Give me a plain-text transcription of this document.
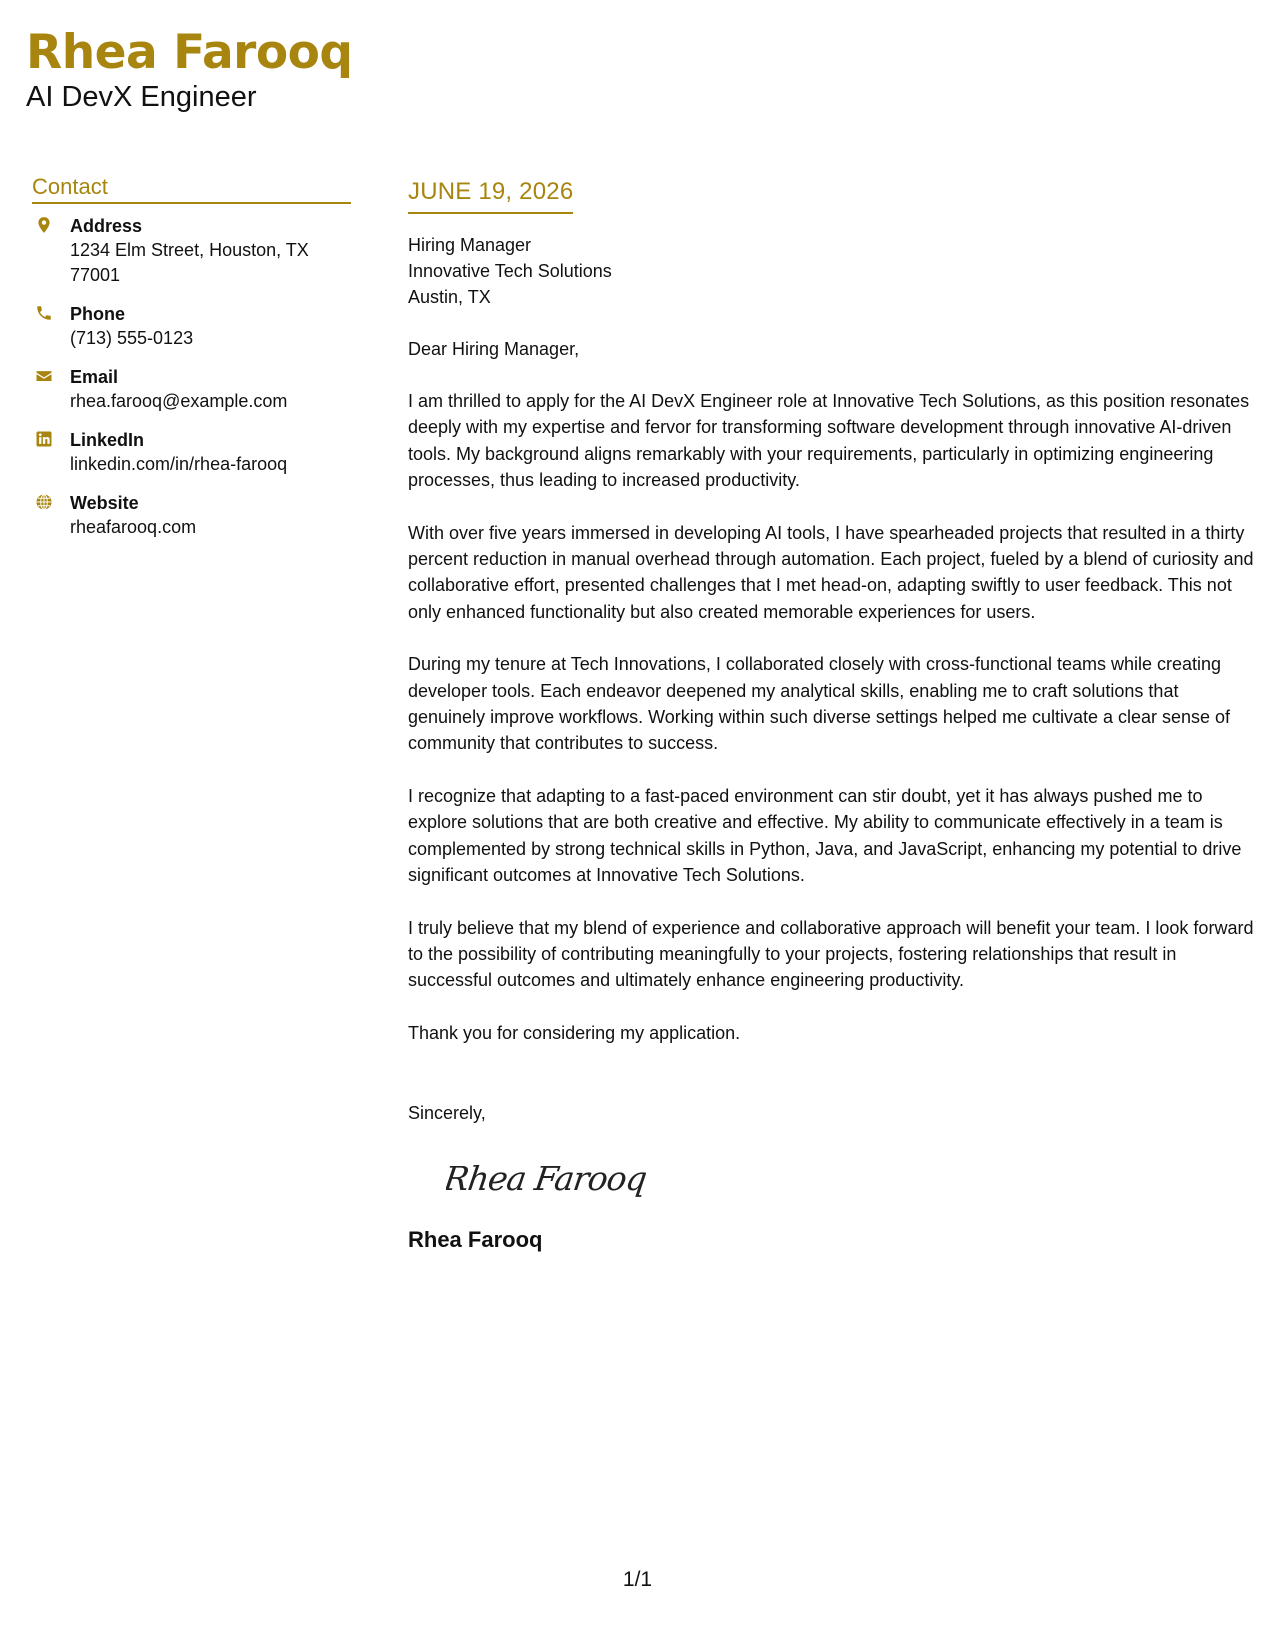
Rhea Farooq
AI DevX Engineer
Contact
Address
1234 Elm Street, Houston, TX 77001
Phone
(713) 555-0123
Email
rhea.farooq@example.com
LinkedIn
linkedin.com/in/rhea-farooq
Website
rheafarooq.com
JUNE 19, 2026
Hiring Manager
Innovative Tech Solutions
Austin, TX
Dear Hiring Manager,
I am thrilled to apply for the AI DevX Engineer role at Innovative Tech Solutions, as this position resonates deeply with my expertise and fervor for transforming software development through innovative AI-driven tools. My background aligns remarkably with your requirements, particularly in optimizing engineering processes, thus leading to increased productivity.
With over five years immersed in developing AI tools, I have spearheaded projects that resulted in a thirty percent reduction in manual overhead through automation. Each project, fueled by a blend of curiosity and collaborative effort, presented challenges that I met head-on, adapting swiftly to user feedback. This not only enhanced functionality but also created memorable experiences for users.
During my tenure at Tech Innovations, I collaborated closely with cross-functional teams while creating developer tools. Each endeavor deepened my analytical skills, enabling me to craft solutions that genuinely improve workflows. Working within such diverse settings helped me cultivate a clear sense of community that contributes to success.
I recognize that adapting to a fast-paced environment can stir doubt, yet it has always pushed me to explore solutions that are both creative and effective. My ability to communicate effectively in a team is complemented by strong technical skills in Python, Java, and JavaScript, enhancing my potential to drive significant outcomes at Innovative Tech Solutions.
I truly believe that my blend of experience and collaborative approach will benefit your team. I look forward to the possibility of contributing meaningfully to your projects, fostering relationships that result in successful outcomes and ultimately enhance engineering productivity.
Thank you for considering my application.
Sincerely,
Rhea Farooq
Rhea Farooq
1/1
